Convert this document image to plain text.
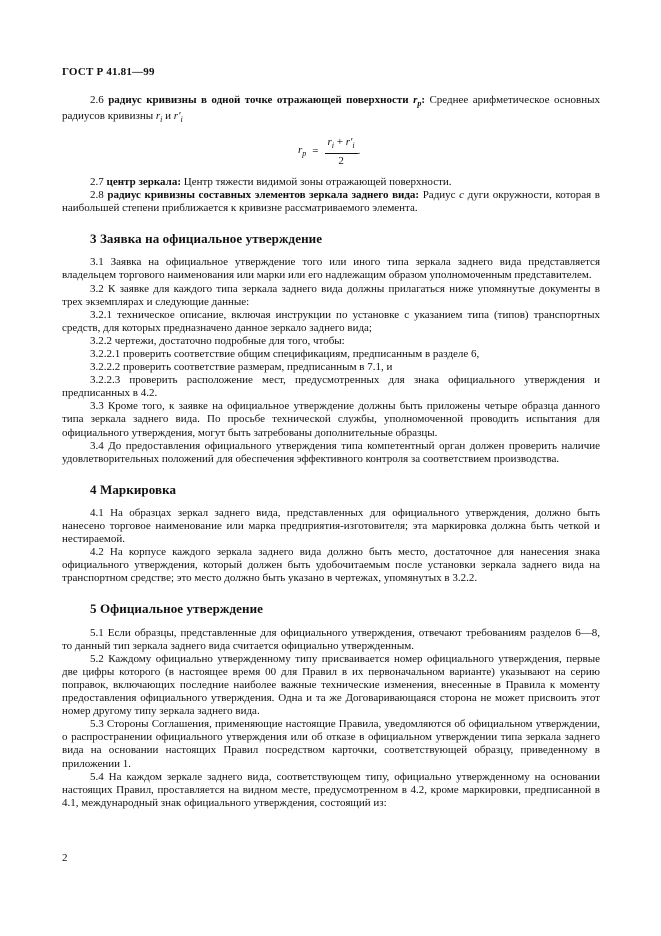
ГОСТ Р 41.81—99

2.6 радиус кривизны в одной точке отражающей поверхности $r_p$: Среднее арифметическое основных радиусов кривизны $r_i$ и $r'_i$

$r_p = \frac{r_i + r'_i}{2}$ .

2.7 центр зеркала: Центр тяжести видимой зоны отражающей поверхности.

2.8 радиус кривизны составных элементов зеркала заднего вида: Радиус c дуги окружности, которая в наибольшей степени приближается к кривизне рассматриваемого элемента.

3 Заявка на официальное утверждение

3.1 Заявка на официальное утверждение того или иного типа зеркала заднего вида представляется владельцем торгового наименования или марки или его надлежащим образом уполномоченным представителем.

3.2 К заявке для каждого типа зеркала заднего вида должны прилагаться ниже упомянутые документы в трех экземплярах и следующие данные:

3.2.1 техническое описание, включая инструкции по установке с указанием типа (типов) транспортных средств, для которых предназначено данное зеркало заднего вида;

3.2.2 чертежи, достаточно подробные для того, чтобы:

3.2.2.1 проверить соответствие общим спецификациям, предписанным в разделе 6,

3.2.2.2 проверить соответствие размерам, предписанным в 7.1, и

3.2.2.3 проверить расположение мест, предусмотренных для знака официального утверждения и предписанных в 4.2.

3.3 Кроме того, к заявке на официальное утверждение должны быть приложены четыре образца данного типа зеркала заднего вида. По просьбе технической службы, уполномоченной проводить испытания для официального утверждения, могут быть затребованы дополнительные образцы.

3.4 До предоставления официального утверждения типа компетентный орган должен проверить наличие удовлетворительных положений для обеспечения эффективного контроля за соответствием производства.

4 Маркировка

4.1 На образцах зеркал заднего вида, представленных для официального утверждения, должно быть нанесено торговое наименование или марка предприятия-изготовителя; эта маркировка должна быть четкой и нестираемой.

4.2 На корпусе каждого зеркала заднего вида должно быть место, достаточное для нанесения знака официального утверждения, который должен быть удобочитаемым после установки зеркала заднего вида на транспортном средстве; это место должно быть указано в чертежах, упомянутых в 3.2.2.

5 Официальное утверждение

5.1 Если образцы, представленные для официального утверждения, отвечают требованиям разделов 6—8, то данный тип зеркала заднего вида считается официально утвержденным.

5.2 Каждому официально утвержденному типу присваивается номер официального утверждения, первые две цифры которого (в настоящее время 00 для Правил в их первоначальном варианте) указывают на серию поправок, включающих последние наиболее важные технические изменения, внесенные в Правила к моменту предоставления официального утверждения. Одна и та же Договаривающаяся сторона не может присвоить этот номер другому типу зеркала заднего вида.

5.3 Стороны Соглашения, применяющие настоящие Правила, уведомляются об официальном утверждении, о распространении официального утверждения или об отказе в официальном утверждении типа зеркала заднего вида на основании настоящих Правил посредством карточки, соответствующей образцу, приведенному в приложении 1.

5.4 На каждом зеркале заднего вида, соответствующем типу, официально утвержденному на основании настоящих Правил, проставляется на видном месте, предусмотренном в 4.2, кроме маркировки, предписанной в 4.1, международный знак официального утверждения, состоящий из:

2
